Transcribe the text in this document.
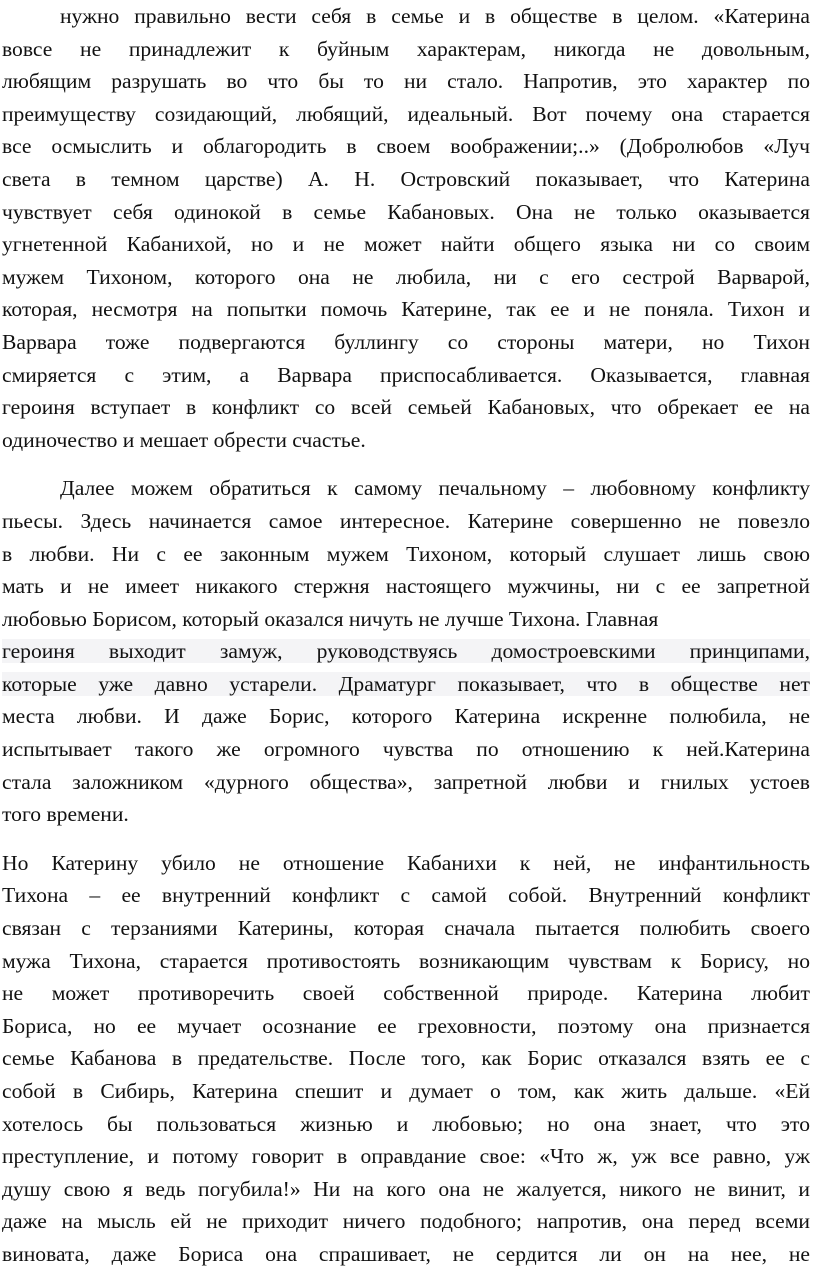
нужно правильно вести себя в семье и в обществе в целом. «Катерина
вовсе не принадлежит к буйным характерам, никогда не довольным,
любящим разрушать во что бы то ни стало. Напротив, это характер по
преимуществу созидающий, любящий, идеальный. Вот почему она старается
все осмыслить и облагородить в своем воображении;..» (Добролюбов «Луч
света в темном царстве) А. Н. Островский показывает, что Катерина
чувствует себя одинокой в семье Кабановых. Она не только оказывается
угнетенной Кабанихой, но и не может найти общего языка ни со своим
мужем Тихоном, которого она не любила, ни с его сестрой Варварой,
которая, несмотря на попытки помочь Катерине, так ее и не поняла. Тихон и
Варвара тоже подвергаются буллингу со стороны матери, но Тихон
смиряется с этим, а Варвара приспосабливается. Оказывается, главная
героиня вступает в конфликт со всей семьей Кабановых, что обрекает ее на
одиночество и мешает обрести счастье.
Далее можем обратиться к самому печальному – любовному конфликту
пьесы. Здесь начинается самое интересное. Катерине совершенно не повезло
в любви. Ни с ее законным мужем Тихоном, который слушает лишь свою
мать и не имеет никакого стержня настоящего мужчины, ни с ее запретной
любовью Борисом, который оказался ничуть не лучше Тихона. Главная
героиня выходит замуж, руководствуясь домостроевскими принципами,
которые уже давно устарели. Драматург показывает, что в обществе нет
места любви. И даже Борис, которого Катерина искренне полюбила, не
испытывает такого же огромного чувства по отношению к ней.Катерина
стала заложником «дурного общества», запретной любви и гнилых устоев
того времени.
Но Катерину убило не отношение Кабанихи к ней, не инфантильность
Тихона – ее внутренний конфликт с самой собой. Внутренний конфликт
связан с терзаниями Катерины, которая сначала пытается полюбить своего
мужа Тихона, старается противостоять возникающим чувствам к Борису, но
не может противоречить своей собственной природе. Катерина любит
Бориса, но ее мучает осознание ее греховности, поэтому она признается
семье Кабанова в предательстве. После того, как Борис отказался взять ее с
собой в Сибирь, Катерина спешит и думает о том, как жить дальше. «Ей
хотелось бы пользоваться жизнью и любовью; но она знает, что это
преступление, и потому говорит в оправдание свое: «Что ж, уж все равно, уж
душу свою я ведь погубила!» Ни на кого она не жалуется, никого не винит, и
даже на мысль ей не приходит ничего подобного; напротив, она перед всеми
виновата, даже Бориса она спрашивает, не сердится ли он на нее, не
